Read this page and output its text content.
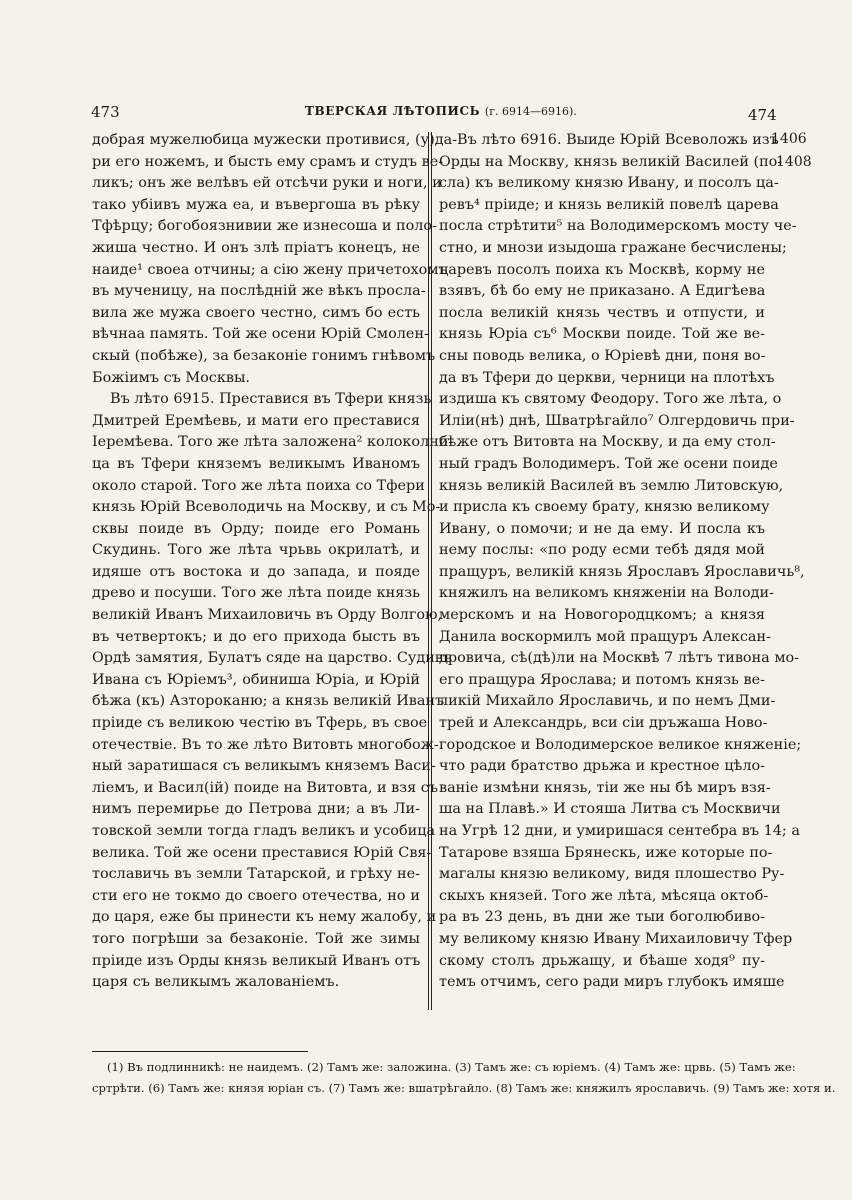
473	ТВЕРСКАЯ ЛѢТОПИСЬ (г. 6914—6916).	474
1406
1408
добрая мужелюбица мужески противися, (у)да-
ри его ножемъ, и бысть ему срамъ и студъ ве-
ликъ; онъ же велѣвъ ей отсѣчи руки и ноги, и
тако убіивъ мужа еа, и въвергоша въ рѣку
Тфѣрцу; богобоязнивии же изнесоша и поло-
жиша честно. И онъ злѣ пріатъ конецъ, не
наиде¹ своеа отчины; а сію жену причетохомъ
въ мученицу, на послѣдній же вѣкъ просла-
вила же мужа своего честно, симъ бо есть
вѣчнаа память. Той же осени Юрій Смолен-
скый (побѣже), за безаконіе гонимъ гнѣвомъ
Божіимъ съ Москвы.
Въ лѣто 6915. Преставися въ Тфери князь
Дмитрей Еремѣевь, и мати его преставися
Іеремѣева. Того же лѣта заложена² колоколни-
ца въ Тфери княземъ великымъ Иваномъ
около старой. Того же лѣта поиха со Тфери
князь Юрій Всеволодичь на Москву, и съ Мо-
сквы поиде въ Орду; поиде его Романь
Скудинь. Того же лѣта чрьвь окрилатѣ, и
идяше отъ востока и до запада, и пояде
древо и посуши. Того же лѣта поиде князь
великій Иванъ Михаиловичь въ Орду Волгою,
въ четвертокъ; и до его прихода бысть въ
Ордѣ замятия, Булатъ сяде на царство. Судивъ
Ивана съ Юріемъ³, обиниша Юріа, и Юрій
бѣжа (къ) Азтороканю; а князь великій Иванъ
пріиде съ великою честію въ Тферь, въ свое
отечествіе. Въ то же лѣто Витовть многобож-
ный заратишася съ великымъ княземъ Васи-
ліемъ, и Васил(ій) поиде на Витовта, и взя съ
нимъ перемирье до Петрова дни; а въ Ли-
товской земли тогда гладъ великъ и усобица
велика. Той же осени преставися Юрій Свя-
тославичь въ земли Татарской, и грѣху не-
сти его не токмо до своего отечества, но и
до царя, еже бы принести къ нему жалобу, и
того погрѣши за безаконіе. Той же зимы
пріиде изъ Орды князь великый Иванъ отъ
царя съ великымъ жалованіемъ.
Въ лѣто 6916. Выиде Юрій Всеволожь изъ
Орды на Москву, князь великій Василей (по-
сла) къ великому князю Ивану, и посолъ ца-
ревъ⁴ пріиде; и князь великій повелѣ царева
посла стрѣтити⁵ на Володимерскомъ мосту че-
стно, и мнози изыдоша гражане бесчислены;
царевъ посолъ поиха къ Москвѣ, корму не
взявъ, бѣ бо ему не приказано. А Едигѣева
посла великій князь чествъ и отпусти, и
князь Юріа съ⁶ Москви поиде. Той же ве-
сны поводь велика, о Юріевѣ дни, поня во-
да въ Тфери до церкви, черници на плотѣхъ
издиша къ святому Феодору. Того же лѣта, о
Иліи(нѣ) днѣ, Шватрѣгайло⁷ Олгердовичь при-
бѣже отъ Витовта на Москву, и да ему стол-
ный градъ Володимеръ. Той же осени поиде
князь великій Василей въ землю Литовскую,
и присла къ своему брату, князю великому
Ивану, о помочи; и не да ему. И посла къ
нему послы: «по роду есми тебѣ дядя мой
пращуръ, великій князь Ярославъ Ярославичь⁸,
княжилъ на великомъ княженіи на Володи-
мерскомъ и на Новогородцкомъ; а князя
Данила воскормилъ мой пращуръ Алексан-
дровича, сѣ(дѣ)ли на Москвѣ 7 лѣтъ тивона мо-
его пращура Ярослава; и потомъ князь ве-
ликій Михайло Ярославичь, и по немъ Дми-
трей и Александрь, вси сіи дръжаша Ново-
городское и Володимерское великое княженіе;
что ради братство дрьжа и крестное цѣло-
ваніе измѣни князь, тіи же ны бѣ миръ взя-
ша на Плавѣ.» И стояша Литва съ Москвичи
на Угрѣ 12 дни, и умиришася сентебра въ 14; а
Татарове взяша Брянескь, иже которые по-
магалы князю великому, видя плошество Ру-
скыхъ князей. Того же лѣта, мѣсяца октоб-
ра въ 23 день, въ дни же тыи боголюбиво-
му великому князю Ивану Михаиловичу Тфер
скому столъ дрьжащу, и бѣаше ходя⁹ пу-
темъ отчимъ, сего ради миръ глубокъ имяше
(1) Въ подлинникѣ: не наидемъ. (2) Тамъ же: заложина. (3) Тамъ же: съ юріемъ. (4) Тамъ же: црвь. (5) Тамъ же:
сртрѣти. (6) Тамъ же: князя юріан съ. (7) Тамъ же: вшатрѣгайло. (8) Тамъ же: княжилъ ярославичь. (9) Тамъ же: хотя и.
